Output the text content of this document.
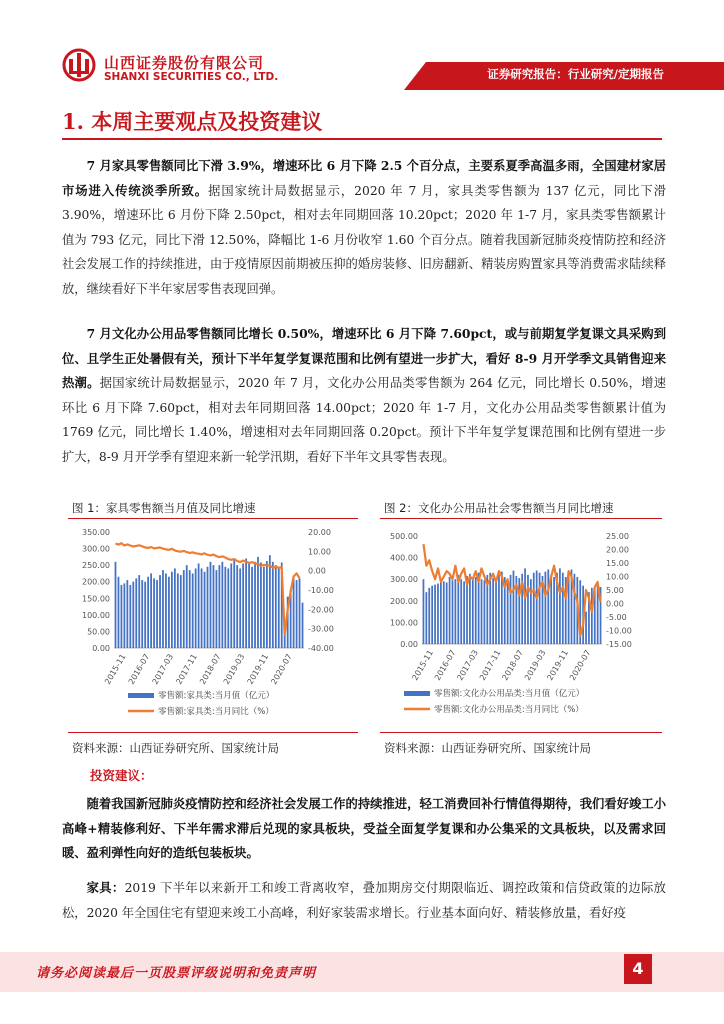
山西证券股份有限公司
SHANXI SECURITIES CO., LTD.	证券研究报告：行业研究/定期报告
1. 本周主要观点及投资建议

7 月家具零售额同比下滑 3.9%，增速环比 6 月下降 2.5 个百分点，主要系夏季高温多雨，全国建材家居市场进入传统淡季所致。据国家统计局数据显示，2020 年 7 月，家具类零售额为 137 亿元，同比下滑 3.90%，增速环比 6 月份下降 2.50pct，相对去年同期回落 10.20pct；2020 年 1-7 月，家具类零售额累计值为 793 亿元，同比下滑 12.50%，降幅比 1-6 月份收窄 1.60 个百分点。随着我国新冠肺炎疫情防控和经济社会发展工作的持续推进，由于疫情原因前期被压抑的婚房装修、旧房翻新、精装房购置家具等消费需求陆续释放，继续看好下半年家居零售表现回弹。

7 月文化办公用品零售额同比增长 0.50%，增速环比 6 月下降 7.60pct，或与前期复学复课文具采购到位、且学生正处暑假有关，预计下半年复学复课范围和比例有望进一步扩大，看好 8-9 月开学季文具销售迎来热潮。据国家统计局数据显示，2020 年 7 月，文化办公用品类零售额为 264 亿元，同比增长 0.50%，增速环比 6 月下降 7.60pct，相对去年同期回落 14.00pct；2020 年 1-7 月，文化办公用品类零售额累计值为 1769 亿元，同比增长 1.40%，增速相对去年同期回落 0.20pct。预计下半年复学复课范围和比例有望进一步扩大，8-9 月开学季有望迎来新一轮学汛期，看好下半年文具零售表现。

图 1：家具零售额当月值及同比增速
0.00
50.00
100.00
150.00
200.00
250.00
300.00
350.00
-40.00
-30.00
-20.00
-10.00
0.00
10.00
20.00
2015-11 2016-07 2017-03 2017-11 2018-07 2019-03 2019-11 2020-07
零售额:家具类:当月值（亿元）
零售额:家具类:当月同比（%）
资料来源：山西证券研究所、国家统计局
图 2：文化办公用品社会零售额当月同比增速
0.00
100.00
200.00
300.00
400.00
500.00
-15.00
-10.00
-5.00
0.00
5.00
10.00
15.00
20.00
25.00
2015-11
2016-07
2017-03
2017-11
2018-07
2019-03
2019-11
2020-07
零售额:文化办公用品类:当月值（亿元）
零售额:文化办公用品类:当月同比（%）
资料来源：山西证券研究所、国家统计局
投资建议：

随着我国新冠肺炎疫情防控和经济社会发展工作的持续推进，轻工消费回补行情值得期待，我们看好竣工小高峰+精装修利好、下半年需求滞后兑现的家具板块，受益全面复学复课和办公集采的文具板块，以及需求回暖、盈利弹性向好的造纸包装板块。

家具：2019 下半年以来新开工和竣工背离收窄，叠加期房交付期限临近、调控政策和信贷政策的边际放松，2020 年全国住宅有望迎来竣工小高峰，利好家装需求增长。行业基本面向好、精装修放量，看好疫

请务必阅读最后一页股票评级说明和免责声明	4
